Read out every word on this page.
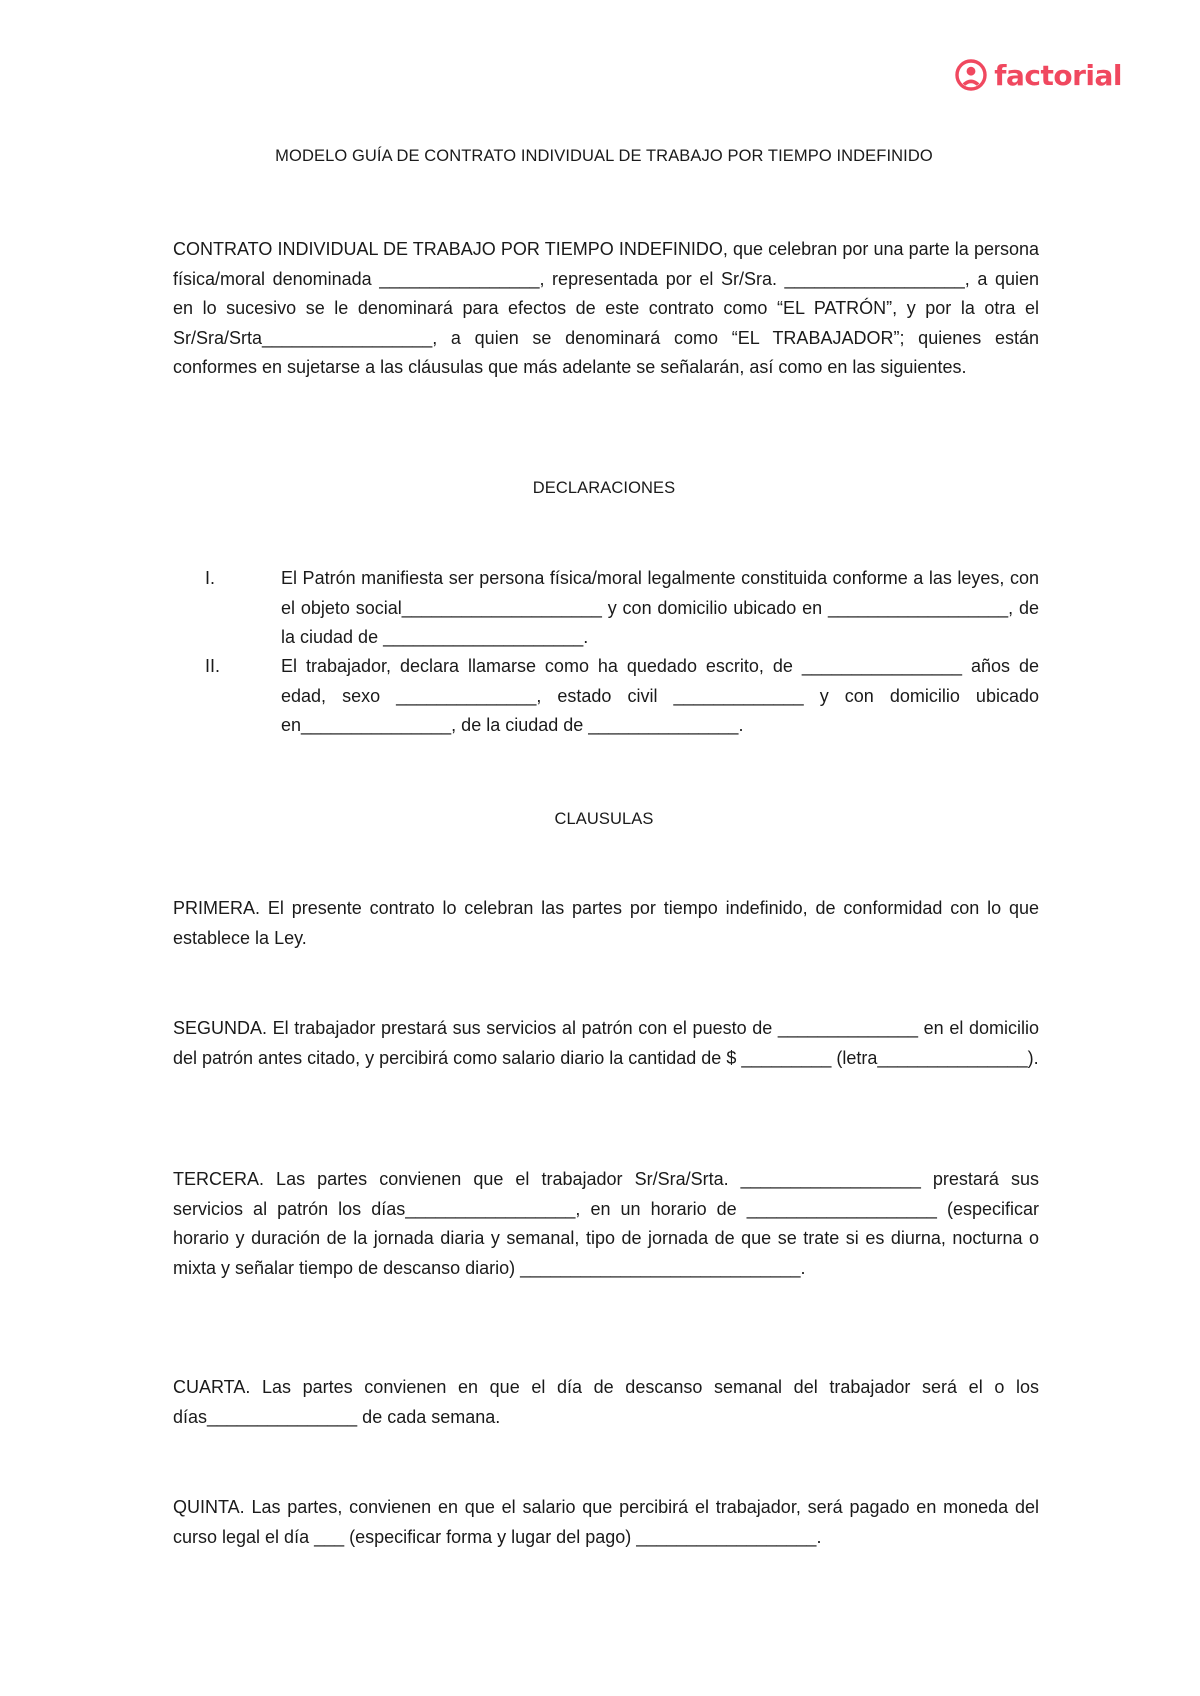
factorial
MODELO GUÍA DE CONTRATO INDIVIDUAL DE TRABAJO POR TIEMPO INDEFINIDO

CONTRATO INDIVIDUAL DE TRABAJO POR TIEMPO INDEFINIDO, que celebran por una parte la persona física/moral denominada ________________, representada por el Sr/Sra. __________________, a quien en lo sucesivo se le denominará para efectos de este contrato como “EL PATRÓN”, y por la otra el Sr/Sra/Srta_________________, a quien se denominará como “EL TRABAJADOR”; quienes están conformes en sujetarse a las cláusulas que más adelante se señalarán, así como en las siguientes.

DECLARACIONES
I.	El Patrón manifiesta ser persona física/moral legalmente constituida conforme a las leyes, con el objeto social____________________ y con domicilio ubicado en __________________, de la ciudad de ____________________.

II.	El trabajador, declara llamarse como ha quedado escrito, de ________________ años de edad, sexo ______________, estado civil _____________ y con domicilio ubicado en_______________, de la ciudad de _______________.

CLAUSULAS

PRIMERA. El presente contrato lo celebran las partes por tiempo indefinido, de conformidad con lo que establece la Ley.

SEGUNDA. El trabajador prestará sus servicios al patrón con el puesto de ______________ en el domicilio del patrón antes citado, y percibirá como salario diario la cantidad de $ _________ (letra_______________).

TERCERA. Las partes convienen que el trabajador Sr/Sra/Srta. __________________ prestará sus servicios al patrón los días_________________, en un horario de ___________________ (especificar horario y duración de la jornada diaria y semanal, tipo de jornada de que se trate si es diurna, nocturna o mixta y señalar tiempo de descanso diario) ____________________________.

CUARTA. Las partes convienen en que el día de descanso semanal del trabajador será el o los días_______________ de cada semana.

QUINTA. Las partes, convienen en que el salario que percibirá el trabajador, será pagado en moneda del curso legal el día ___ (especificar forma y lugar del pago) __________________.
